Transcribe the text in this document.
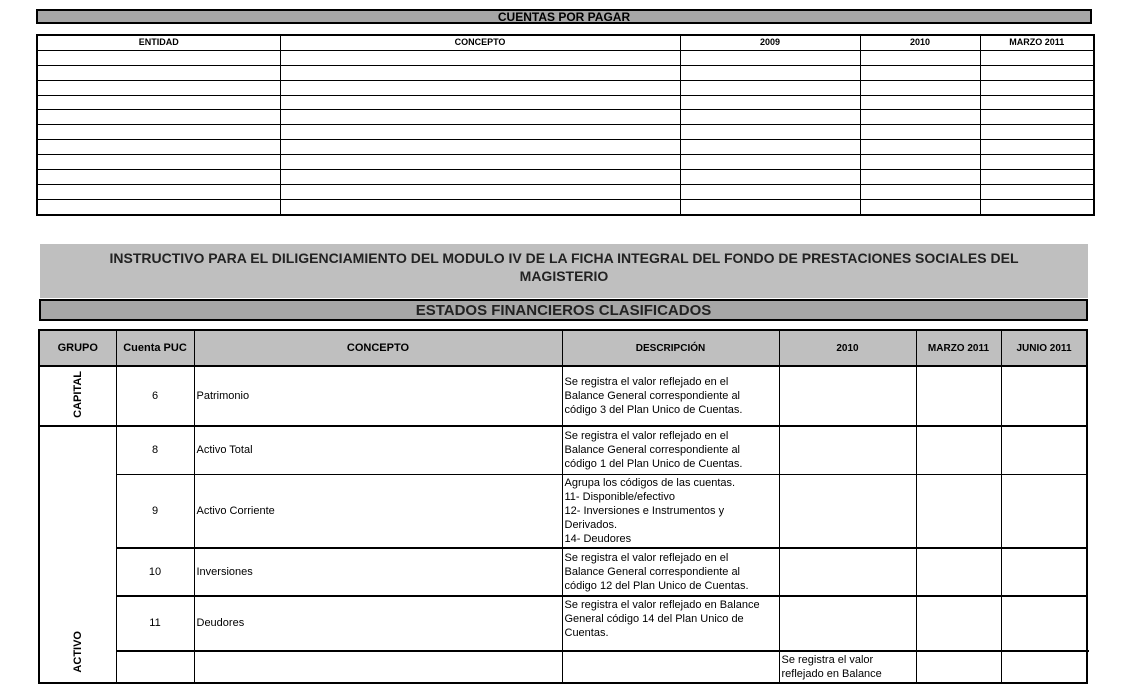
CUENTAS POR PAGAR
ENTIDAD	CONCEPTO	2009	2010	MARZO 2011

INSTRUCTIVO PARA EL DILIGENCIAMIENTO DEL MODULO IV DE LA FICHA INTEGRAL DEL FONDO DE PRESTACIONES SOCIALES DEL
MAGISTERIO
ESTADOS FINANCIEROS CLASIFICADOS
GRUPO	Cuenta PUC	CONCEPTO	DESCRIPCIÓN	2010	MARZO 2011	JUNIO 2011	
CAPITAL	6	Patrimonio	Se registra el valor reflejado en el
Balance General correspondiente al
código 3 del Plan Unico de Cuentas.				

ACTIVO	8	Activo Total	Se registra el valor reflejado en el
Balance General correspondiente al
código 1 del Plan Unico de Cuentas.				

	9	Activo Corriente	Agrupa los códigos de las cuentas.
11- Disponible/efectivo
12- Inversiones e Instrumentos y
Derivados.
14- Deudores				

	10	Inversiones	Se registra el valor reflejado en el
Balance General correspondiente al
código 12 del Plan Unico de Cuentas.				

	11	Deudores	Se registra el valor reflejado en Balance
General código 14 del Plan Unico de
Cuentas.				

				Se registra el valor reflejado en Balance			
